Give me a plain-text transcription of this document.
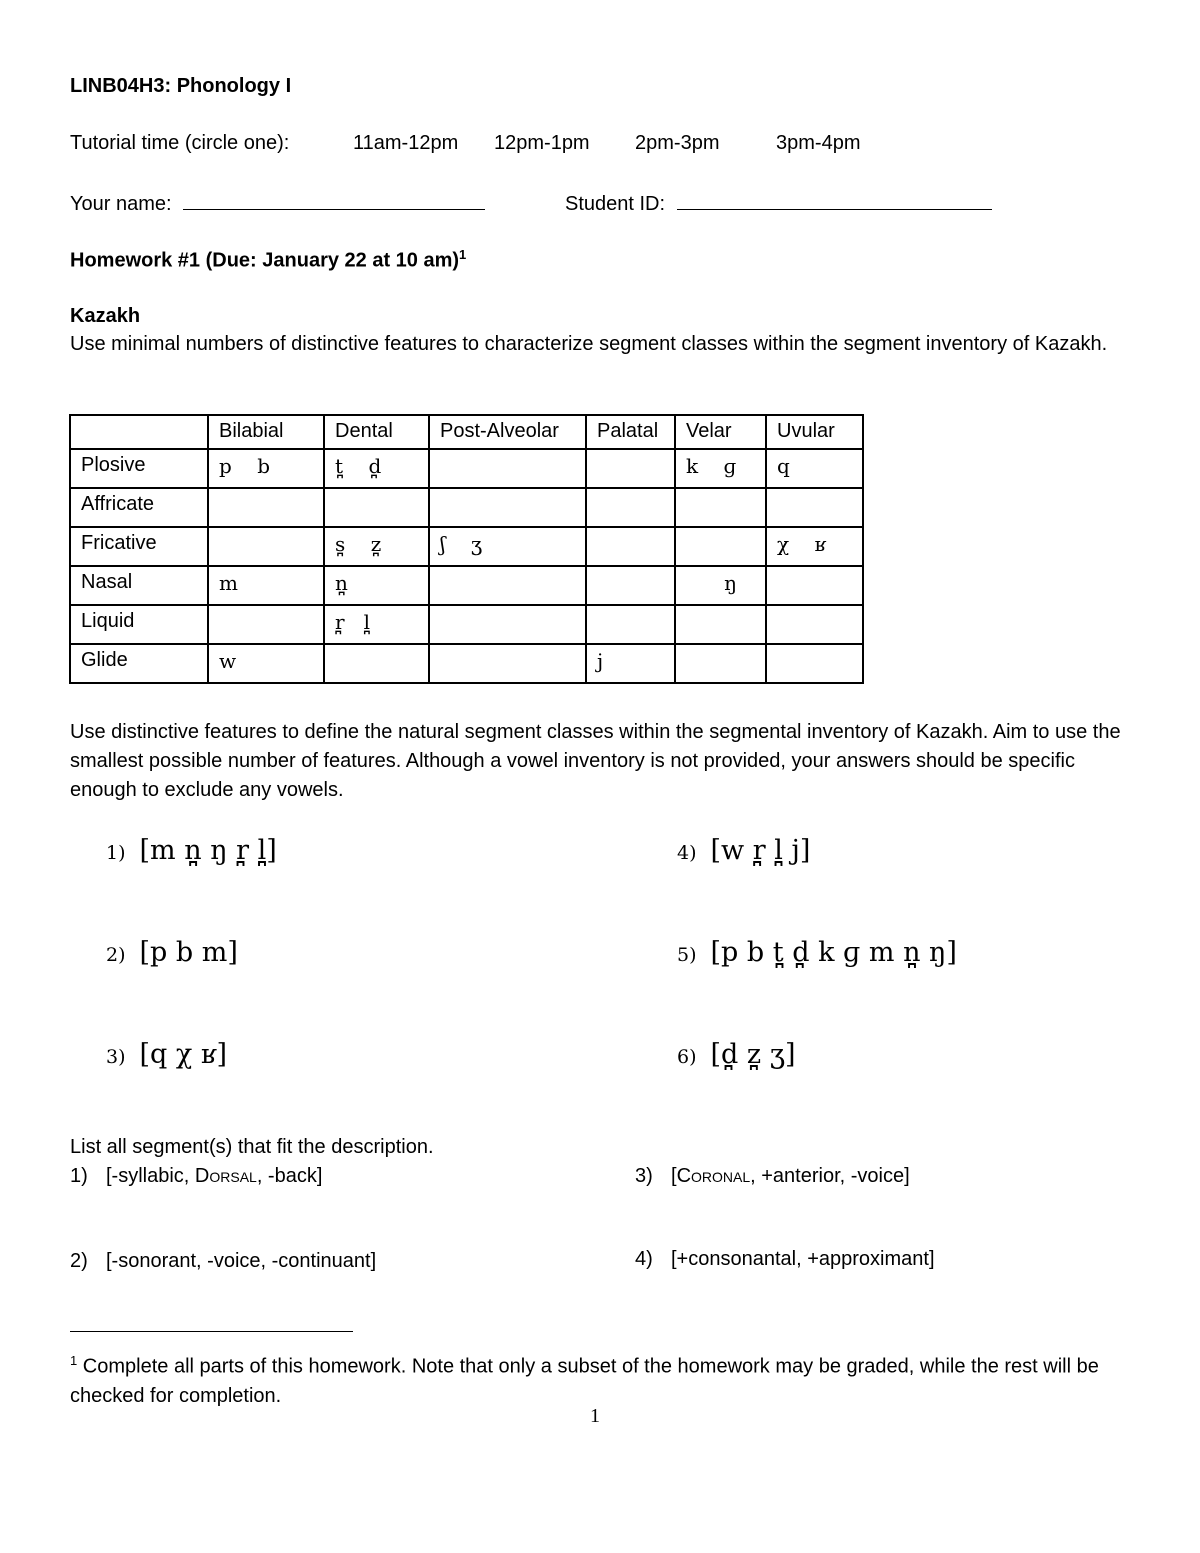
LINB04H3: Phonology I
Tutorial time (circle one):	11am-12pm 12pm-1pm 2pm-3pm	3pm-4pm
Your name:	Student ID:
Homework #1 (Due: January 22 at 10 am)$^1$
Kazakh
Use minimal numbers of distinctive features to characterize segment classes within the segment inventory of Kazakh.
	Bilabial	Dental	Post-Alveolar	Palatal	Velar	Uvular
Plosive	p    b	t̪    d̪			k    ɡ	q
Affricate						
Fricative		s̪    z̪	ʃ    ʒ			χ    ʁ
Nasal	m	n̪			ŋ	
Liquid		r̪   l̪				
Glide	w			j		
Use distinctive features to define the natural segment classes within the segmental inventory of Kazakh. Aim to use the smallest possible number of features. Although a vowel inventory is not provided, your answers should be specific enough to exclude any vowels.
1) [m n̪ ŋ r̪ l̪]
2) [p b m]
3) [q χ ʁ]
4) [w r̪ l̪ j]
5) [p b t̪ d̪ k ɡ m n̪ ŋ]
6) [d̪ z̪ ʒ]
List all segment(s) that fit the description.
1) [-syllabic, Dorsal, -back]
2) [-sonorant, -voice, -continuant]
3) [Coronal, +anterior, -voice]
4) [+consonantal, +approximant]
$^1$ Complete all parts of this homework. Note that only a subset of the homework may be graded, while the rest will be checked for completion.
1
